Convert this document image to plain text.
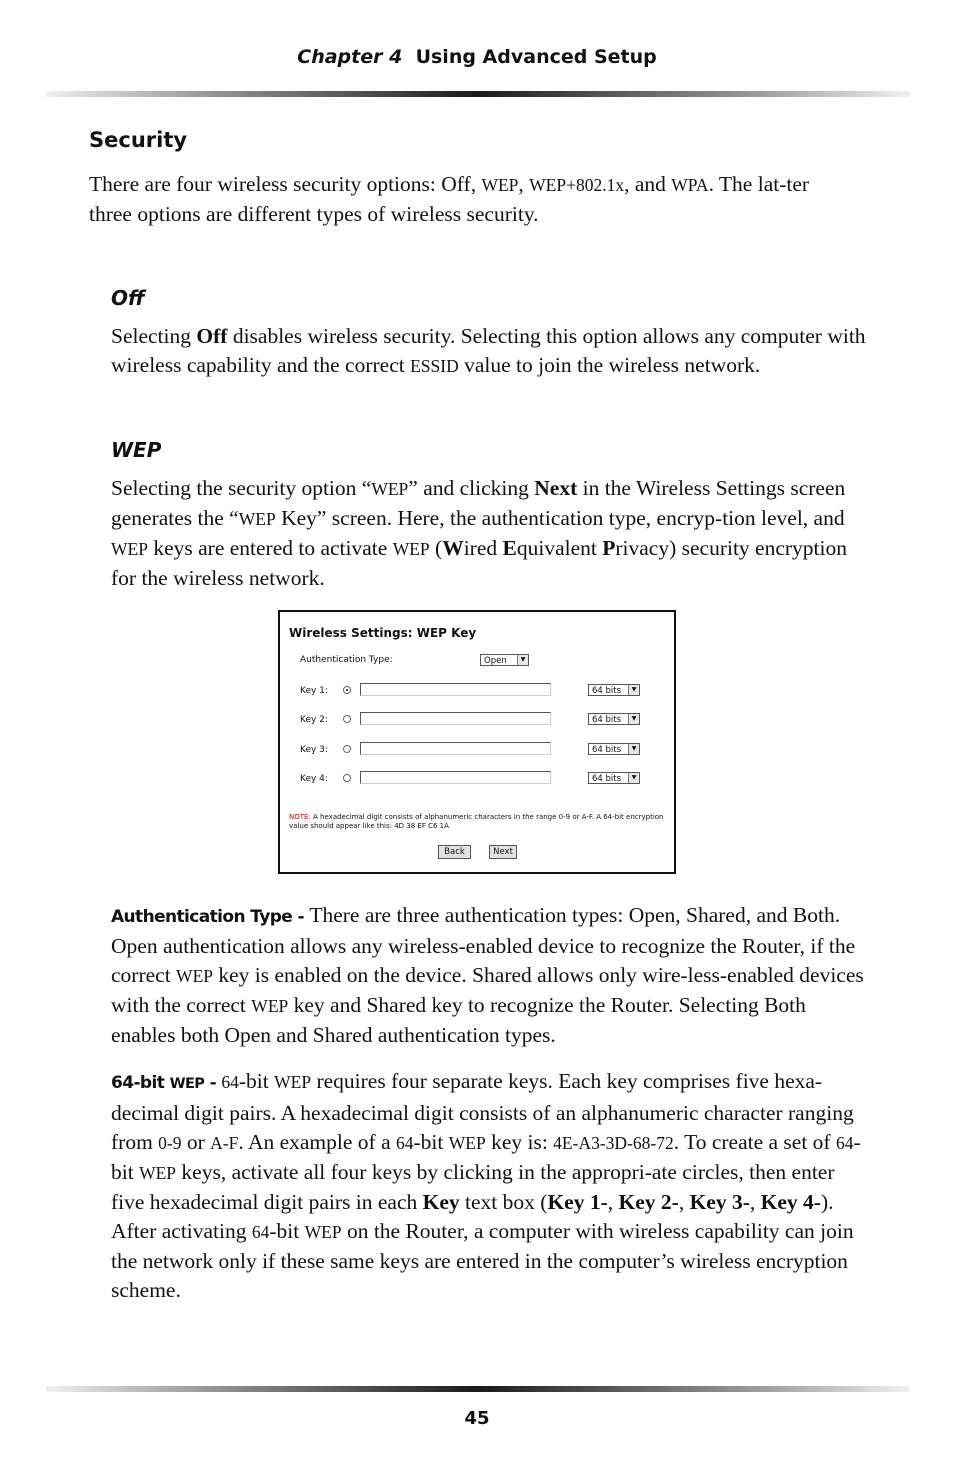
Chapter 4 Using Advanced Setup
Security

There are four wireless security options: Off, WEP, WEP+802.1x, and WPA. The lat-ter three options are different types of wireless security.

Off

Selecting Off disables wireless security. Selecting this option allows any computer with wireless capability and the correct ESSID value to join the wireless network.

WEP

Selecting the security option “WEP” and clicking Next in the Wireless Settings screen generates the “WEP Key” screen. Here, the authentication type, encryp-tion level, and WEP keys are entered to activate WEP (Wired Equivalent Privacy) security encryption for the wireless network.

Wireless Settings: WEP Key
Authentication Type:	Open	▼
Key 1:	64 bits	▼
Key 2:	64 bits	▼
Key 3:	64 bits	▼
Key 4:	64 bits	▼
NOTE: A hexadecimal digit consists of alphanumeric characters in the range 0-9 or A-F. A 64-bit encryption value should appear like this: 4D 38 EF C6 1A
Back	Next

Authentication Type - There are three authentication types: Open, Shared, and Both. Open authentication allows any wireless-enabled device to recognize the Router, if the correct WEP key is enabled on the device. Shared allows only wire-less-enabled devices with the correct WEP key and Shared key to recognize the Router. Selecting Both enables both Open and Shared authentication types.

64-bit WEP - 64-bit WEP requires four separate keys. Each key comprises five hexa-decimal digit pairs. A hexadecimal digit consists of an alphanumeric character ranging from 0-9 or A-F. An example of a 64-bit WEP key is: 4E-A3-3D-68-72. To create a set of 64-bit WEP keys, activate all four keys by clicking in the appropri-ate circles, then enter five hexadecimal digit pairs in each Key text box (Key 1-, Key 2-, Key 3-, Key 4-). After activating 64-bit WEP on the Router, a computer with wireless capability can join the network only if these same keys are entered in the computer’s wireless encryption scheme.

45
